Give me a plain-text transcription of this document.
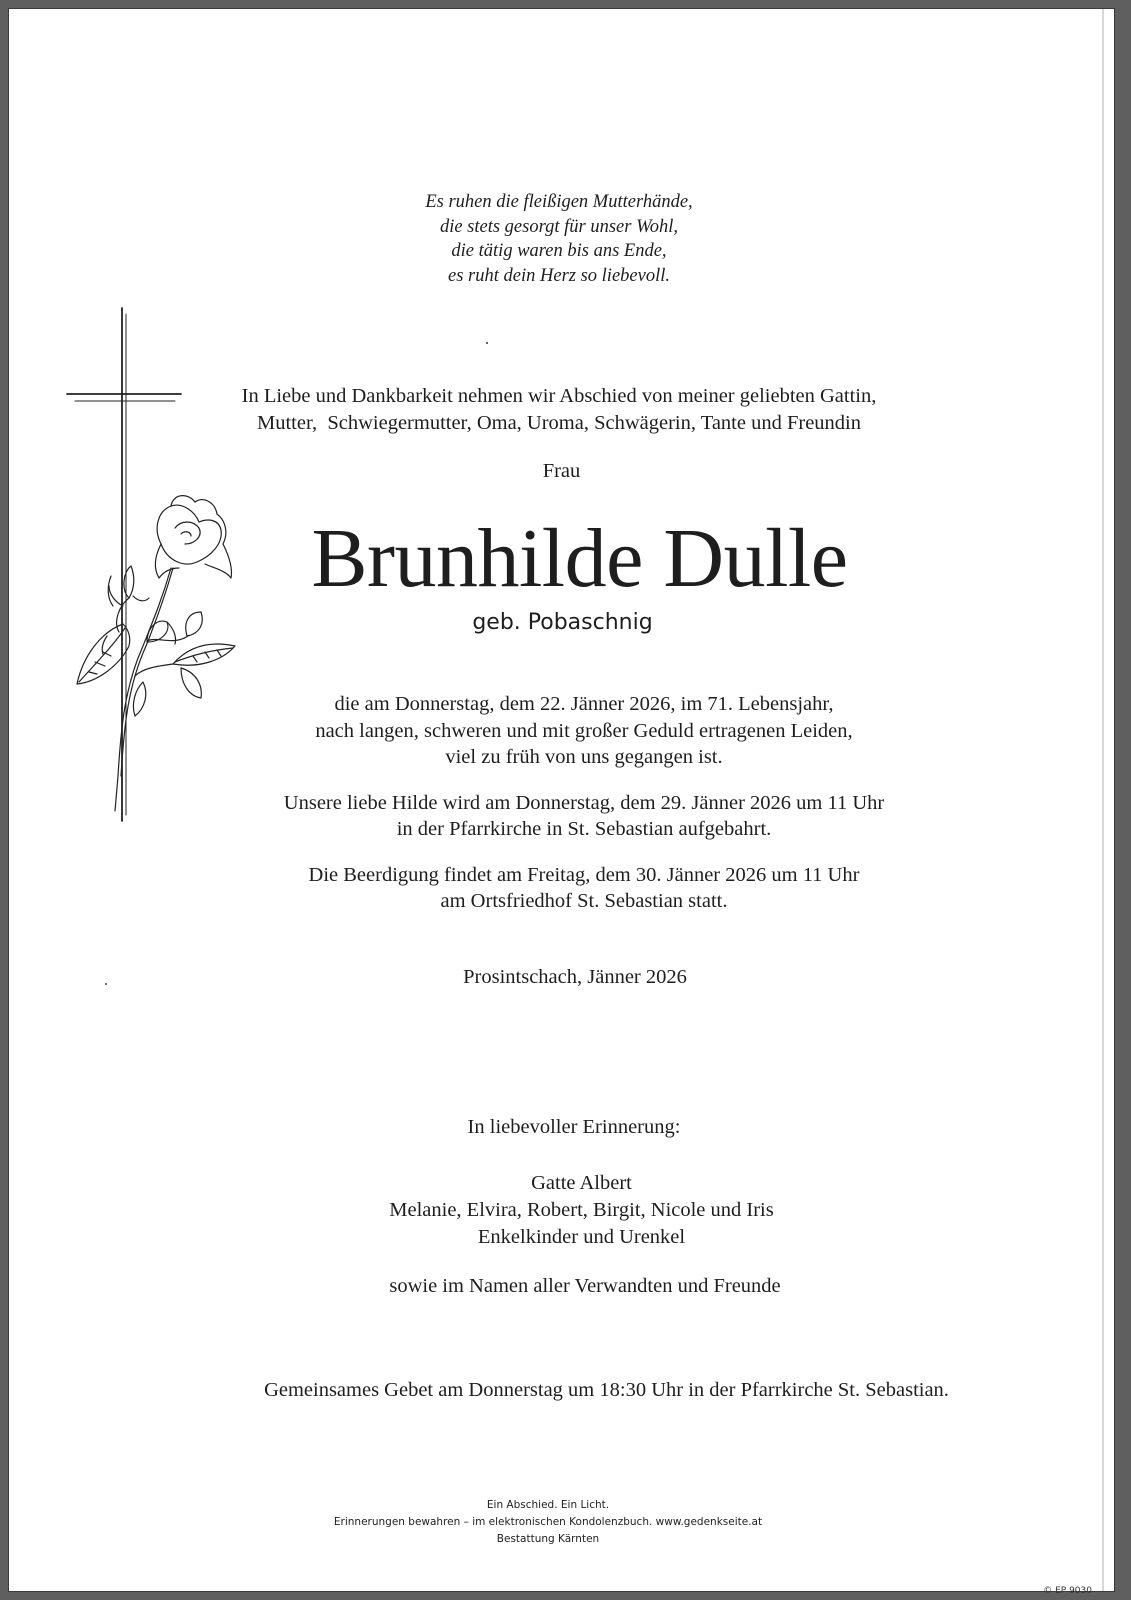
Es ruhen die fleißigen Mutterhände,
die stets gesorgt für unser Wohl,
die tätig waren bis ans Ende,
es ruht dein Herz so liebevoll.
In Liebe und Dankbarkeit nehmen wir Abschied von meiner geliebten Gattin,
Mutter,  Schwiegermutter, Oma, Uroma, Schwägerin, Tante und Freundin
Frau
Brunhilde Dulle
geb. Pobaschnig
die am Donnerstag, dem 22. Jänner 2026, im 71. Lebensjahr,
nach langen, schweren und mit großer Geduld ertragenen Leiden,
viel zu früh von uns gegangen ist.
Unsere liebe Hilde wird am Donnerstag, dem 29. Jänner 2026 um 11 Uhr
in der Pfarrkirche in St. Sebastian aufgebahrt.
Die Beerdigung findet am Freitag, dem 30. Jänner 2026 um 11 Uhr
am Ortsfriedhof St. Sebastian statt.
Prosintschach, Jänner 2026
In liebevoller Erinnerung:
Gatte Albert
Melanie, Elvira, Robert, Birgit, Nicole und Iris
Enkelkinder und Urenkel
sowie im Namen aller Verwandten und Freunde
Gemeinsames Gebet am Donnerstag um 18:30 Uhr in der Pfarrkirche St. Sebastian.
Ein Abschied. Ein Licht.
Erinnerungen bewahren – im elektronischen Kondolenzbuch. www.gedenkseite.at
Bestattung Kärnten
© EP 9030
